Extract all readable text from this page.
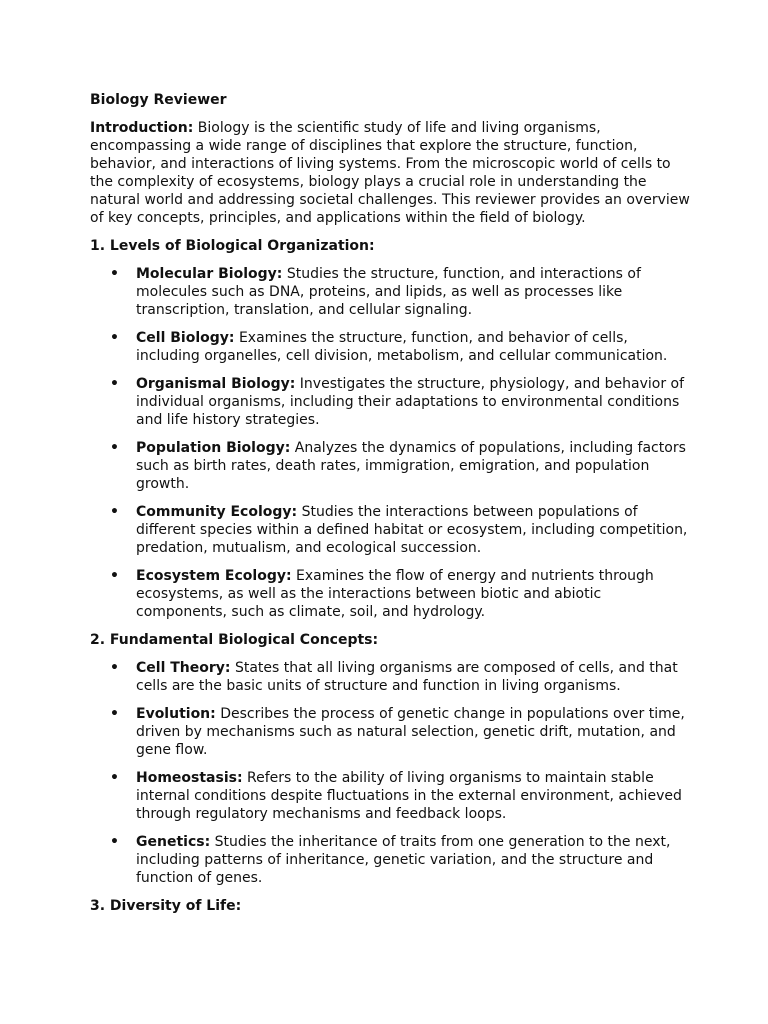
Biology Reviewer

Introduction: Biology is the scientific study of life and living organisms, encompassing a wide range of disciplines that explore the structure, function, behavior, and interactions of living systems. From the microscopic world of cells to the complexity of ecosystems, biology plays a crucial role in understanding the natural world and addressing societal challenges. This reviewer provides an overview of key concepts, principles, and applications within the field of biology.

1. Levels of Biological Organization:
• Molecular Biology: Studies the structure, function, and interactions of molecules such as DNA, proteins, and lipids, as well as processes like transcription, translation, and cellular signaling.
• Cell Biology: Examines the structure, function, and behavior of cells, including organelles, cell division, metabolism, and cellular communication.
• Organismal Biology: Investigates the structure, physiology, and behavior of individual organisms, including their adaptations to environmental conditions and life history strategies.
• Population Biology: Analyzes the dynamics of populations, including factors such as birth rates, death rates, immigration, emigration, and population growth.
• Community Ecology: Studies the interactions between populations of different species within a defined habitat or ecosystem, including competition, predation, mutualism, and ecological succession.
• Ecosystem Ecology: Examines the flow of energy and nutrients through ecosystems, as well as the interactions between biotic and abiotic components, such as climate, soil, and hydrology.
2. Fundamental Biological Concepts:
• Cell Theory: States that all living organisms are composed of cells, and that cells are the basic units of structure and function in living organisms.
• Evolution: Describes the process of genetic change in populations over time, driven by mechanisms such as natural selection, genetic drift, mutation, and gene flow.
• Homeostasis: Refers to the ability of living organisms to maintain stable internal conditions despite fluctuations in the external environment, achieved through regulatory mechanisms and feedback loops.
• Genetics: Studies the inheritance of traits from one generation to the next, including patterns of inheritance, genetic variation, and the structure and function of genes.
3. Diversity of Life:
